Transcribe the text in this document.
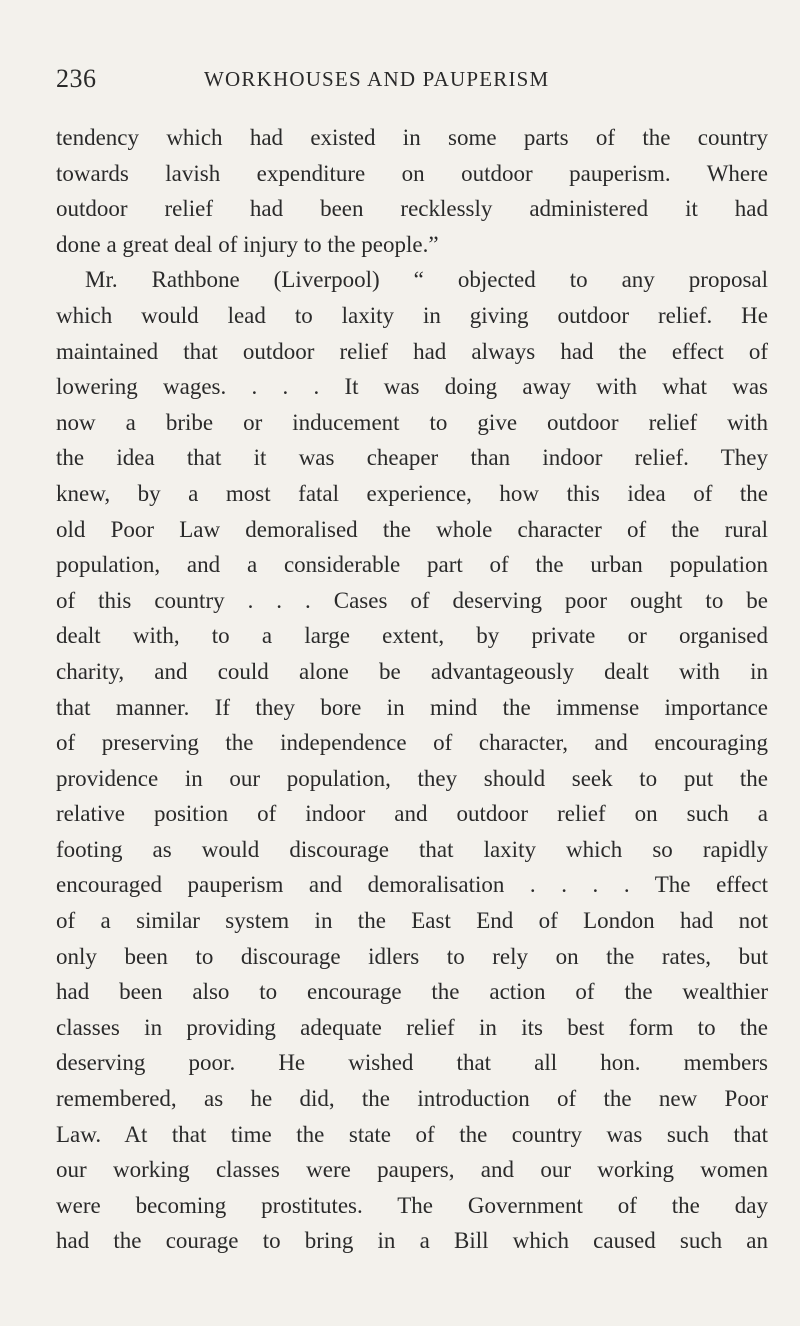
236	WORKHOUSES AND PAUPERISM
tendency which had existed in some parts of the country
towards lavish expenditure on outdoor pauperism. Where
outdoor relief had been recklessly administered it had
done a great deal of injury to the people.”
Mr. Rathbone (Liverpool) “ objected to any proposal
which would lead to laxity in giving outdoor relief. He
maintained that outdoor relief had always had the effect of
lowering wages. . . . It was doing away with what was
now a bribe or inducement to give outdoor relief with
the idea that it was cheaper than indoor relief. They
knew, by a most fatal experience, how this idea of the
old Poor Law demoralised the whole character of the rural
population, and a considerable part of the urban population
of this country . . . Cases of deserving poor ought to be
dealt with, to a large extent, by private or organised
charity, and could alone be advantageously dealt with in
that manner. If they bore in mind the immense importance
of preserving the independence of character, and encouraging
providence in our population, they should seek to put the
relative position of indoor and outdoor relief on such a
footing as would discourage that laxity which so rapidly
encouraged pauperism and demoralisation . . . . The effect
of a similar system in the East End of London had not
only been to discourage idlers to rely on the rates, but
had been also to encourage the action of the wealthier
classes in providing adequate relief in its best form to the
deserving poor. He wished that all hon. members
remembered, as he did, the introduction of the new Poor
Law. At that time the state of the country was such that
our working classes were paupers, and our working women
were becoming prostitutes. The Government of the day
had the courage to bring in a Bill which caused such an
